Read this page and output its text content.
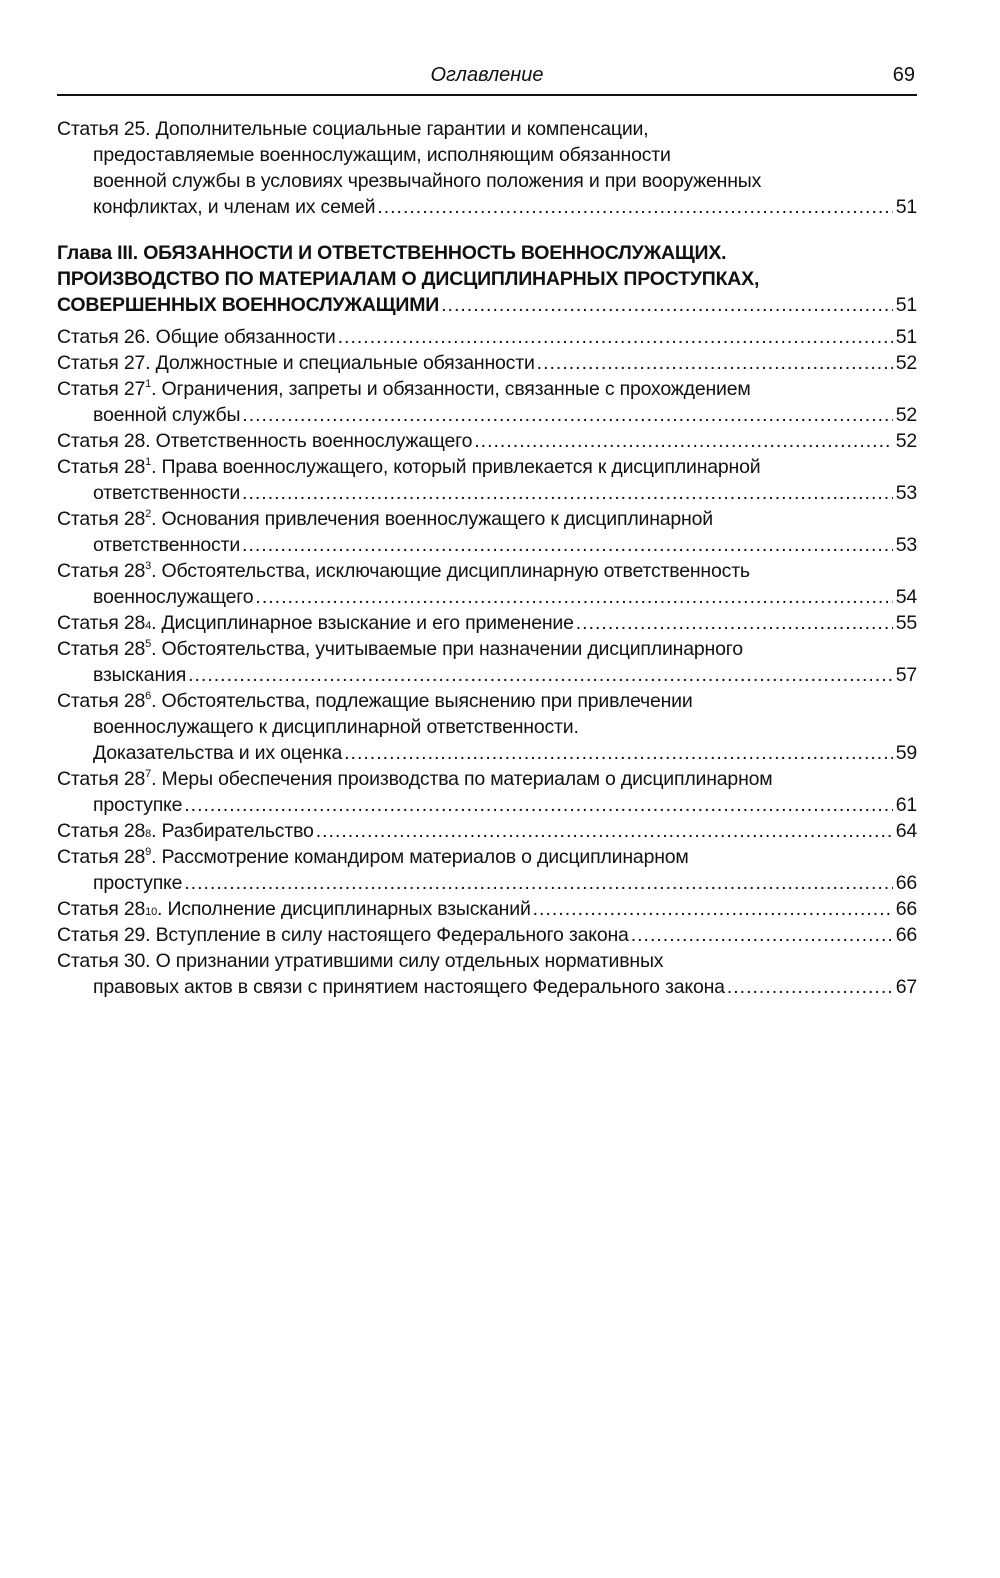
Оглавление	69
Статья 25. Дополнительные социальные гарантии и компенсации,
предоставляемые военнослужащим, исполняющим обязанности
военной службы в условиях чрезвычайного положения и при вооруженных
конфликтах, и членам их семей .....	51
Глава III. ОБЯЗАННОСТИ И ОТВЕТСТВЕННОСТЬ ВОЕННОСЛУЖАЩИХ.
ПРОИЗВОДСТВО ПО МАТЕРИАЛАМ О ДИСЦИПЛИНАРНЫХ ПРОСТУПКАХ,
СОВЕРШЕННЫХ ВОЕННОСЛУЖАЩИМИ .....	51
Статья 26. Общие обязанности .....	51
Статья 27. Должностные и специальные обязанности .....	52
Статья $27^1$. Ограничения, запреты и обязанности, связанные с прохождением
военной службы .....	52
Статья 28. Ответственность военнослужащего .....	52
Статья $28^1$. Права военнослужащего, который привлекается к дисциплинарной
ответственности .....	53
Статья $28^2$. Основания привлечения военнослужащего к дисциплинарной
ответственности .....	53
Статья $28^3$. Обстоятельства, исключающие дисциплинарную ответственность
военнослужащего .....	54
Статья 28 4 . Дисциплинарное взыскание и его применение .....	55
Статья $28^5$. Обстоятельства, учитываемые при назначении дисциплинарного
взыскания .....	57
Статья $28^6$. Обстоятельства, подлежащие выяснению при привлечении
военнослужащего к дисциплинарной ответственности.
Доказательства и их оценка .....	59
Статья $28^7$. Меры обеспечения производства по материалам о дисциплинарном
проступке .....	61
Статья 28 8 . Разбирательство .....	64
Статья $28^9$. Рассмотрение командиром материалов о дисциплинарном
проступке .....	66
Статья 28 10 . Исполнение дисциплинарных взысканий .....	66
Статья 29. Вступление в силу настоящего Федерального закона .....	66
Статья 30. О признании утратившими силу отдельных нормативных
правовых актов в связи с принятием настоящего Федерального закона .....	67
